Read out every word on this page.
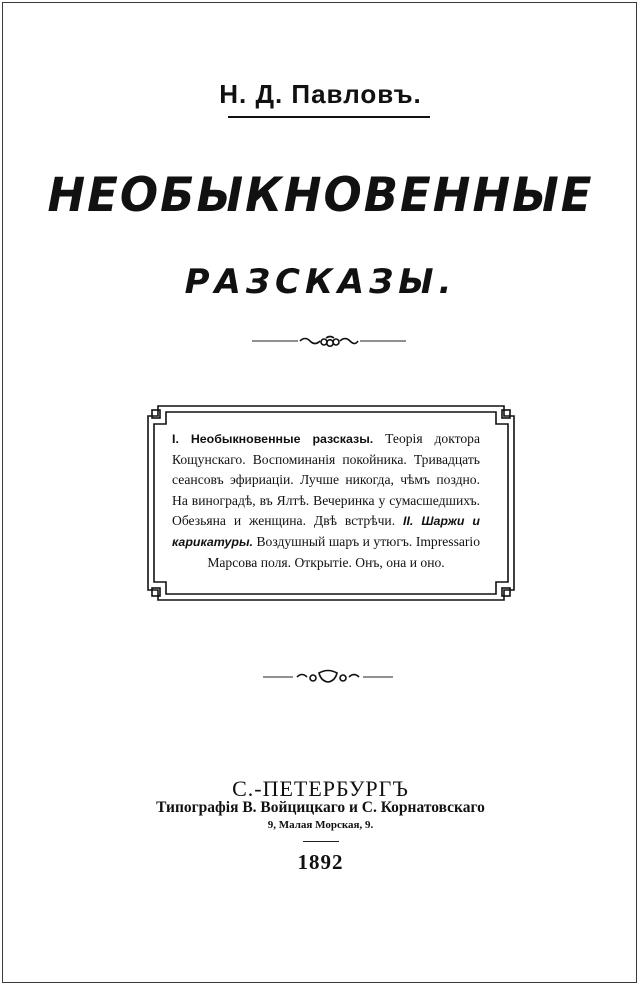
Н. Д. Павловъ.
НЕОБЫКНОВЕННЫЕ
РАЗСКАЗЫ.
I. Необыкновенные разсказы. Теорія доктора Кощунскаго. Воспоминанія покойника. Тривадцать сеансовъ эфириаціи. Лучше никогда, чѣмъ поздно. На виноградѣ, въ Ялтѣ. Вечеринка у сумасшедшихъ. Обезьяна и женщина. Двѣ встрѣчи. II. Шаржи и карикатуры. Воздушный шаръ и утюгъ. Impressario Марсова поля. Открытіе. Онъ, она и оно.
С.-ПЕТЕРБУРГЪ
Типографія В. Войцицкаго и С. Корнатовскаго
9, Малая Морская, 9.
1892
